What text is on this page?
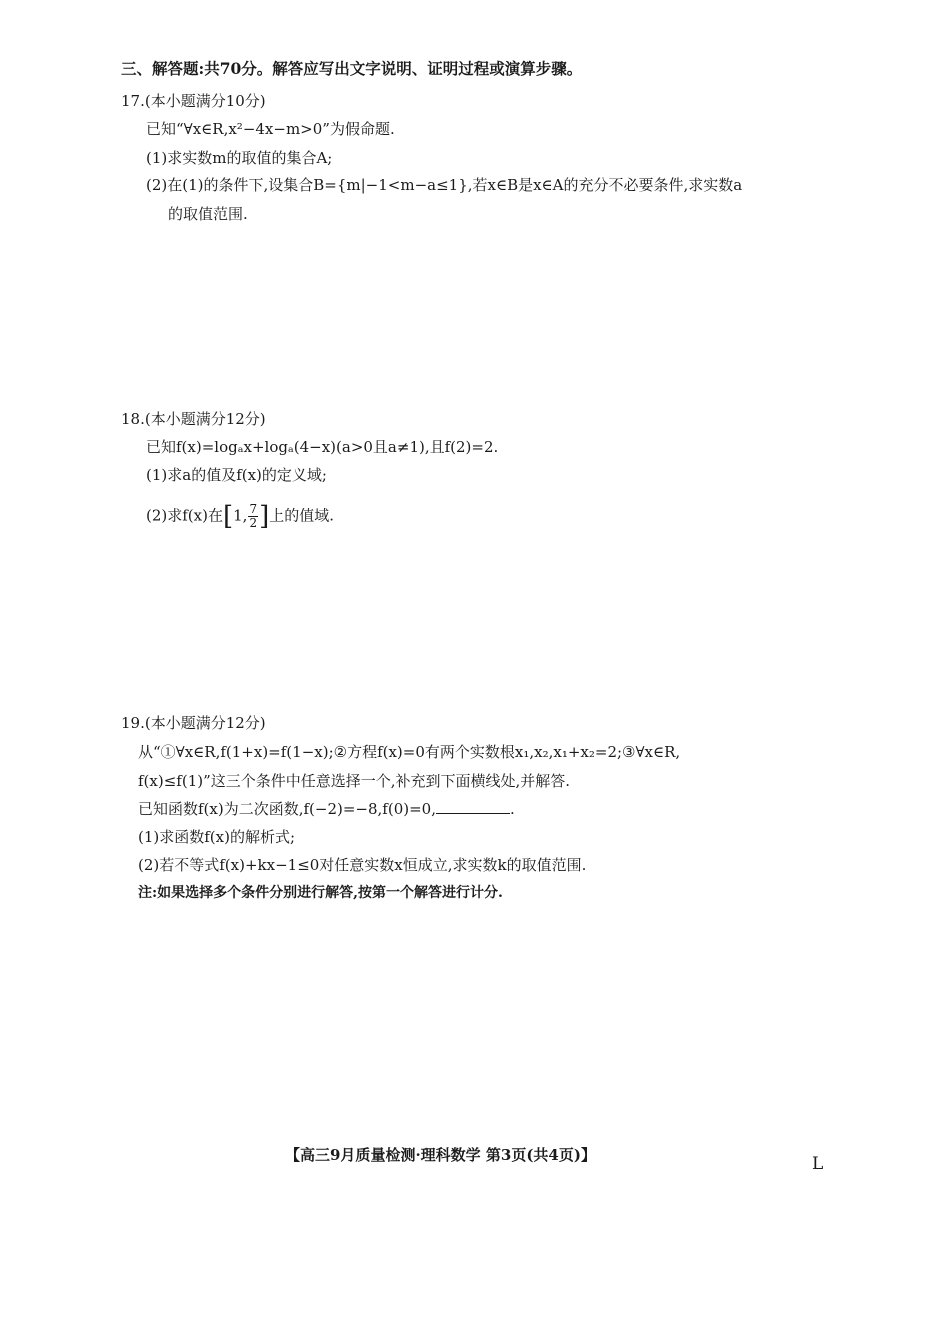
三、解答题:共70分。解答应写出文字说明、证明过程或演算步骤。
17.(本小题满分10分)
已知“∀x∈R,x²−4x−m>0”为假命题.
(1)求实数m的取值的集合A;
(2)在(1)的条件下,设集合B={m|−1<m−a≤1},若x∈B是x∈A的充分不必要条件,求实数a
的取值范围.
18.(本小题满分12分)
已知f(x)=logₐx+logₐ(4−x)(a>0且a≠1),且f(2)=2.
(1)求a的值及f(x)的定义域;
(2)求f(x)在[1, $\frac{7}{2}$ ]上的值域.
19.(本小题满分12分)
从“①∀x∈R,f(1+x)=f(1−x);②方程f(x)=0有两个实数根x₁,x₂,x₁+x₂=2;③∀x∈R,
f(x)≤f(1)”这三个条件中任意选择一个,补充到下面横线处,并解答.
已知函数f(x)为二次函数,f(−2)=−8,f(0)=0,	.
(1)求函数f(x)的解析式;
(2)若不等式f(x)+kx−1≤0对任意实数x恒成立,求实数k的取值范围.
注:如果选择多个条件分别进行解答,按第一个解答进行计分.
【高三9月质量检测·理科数学 第3页(共4页)】	L
